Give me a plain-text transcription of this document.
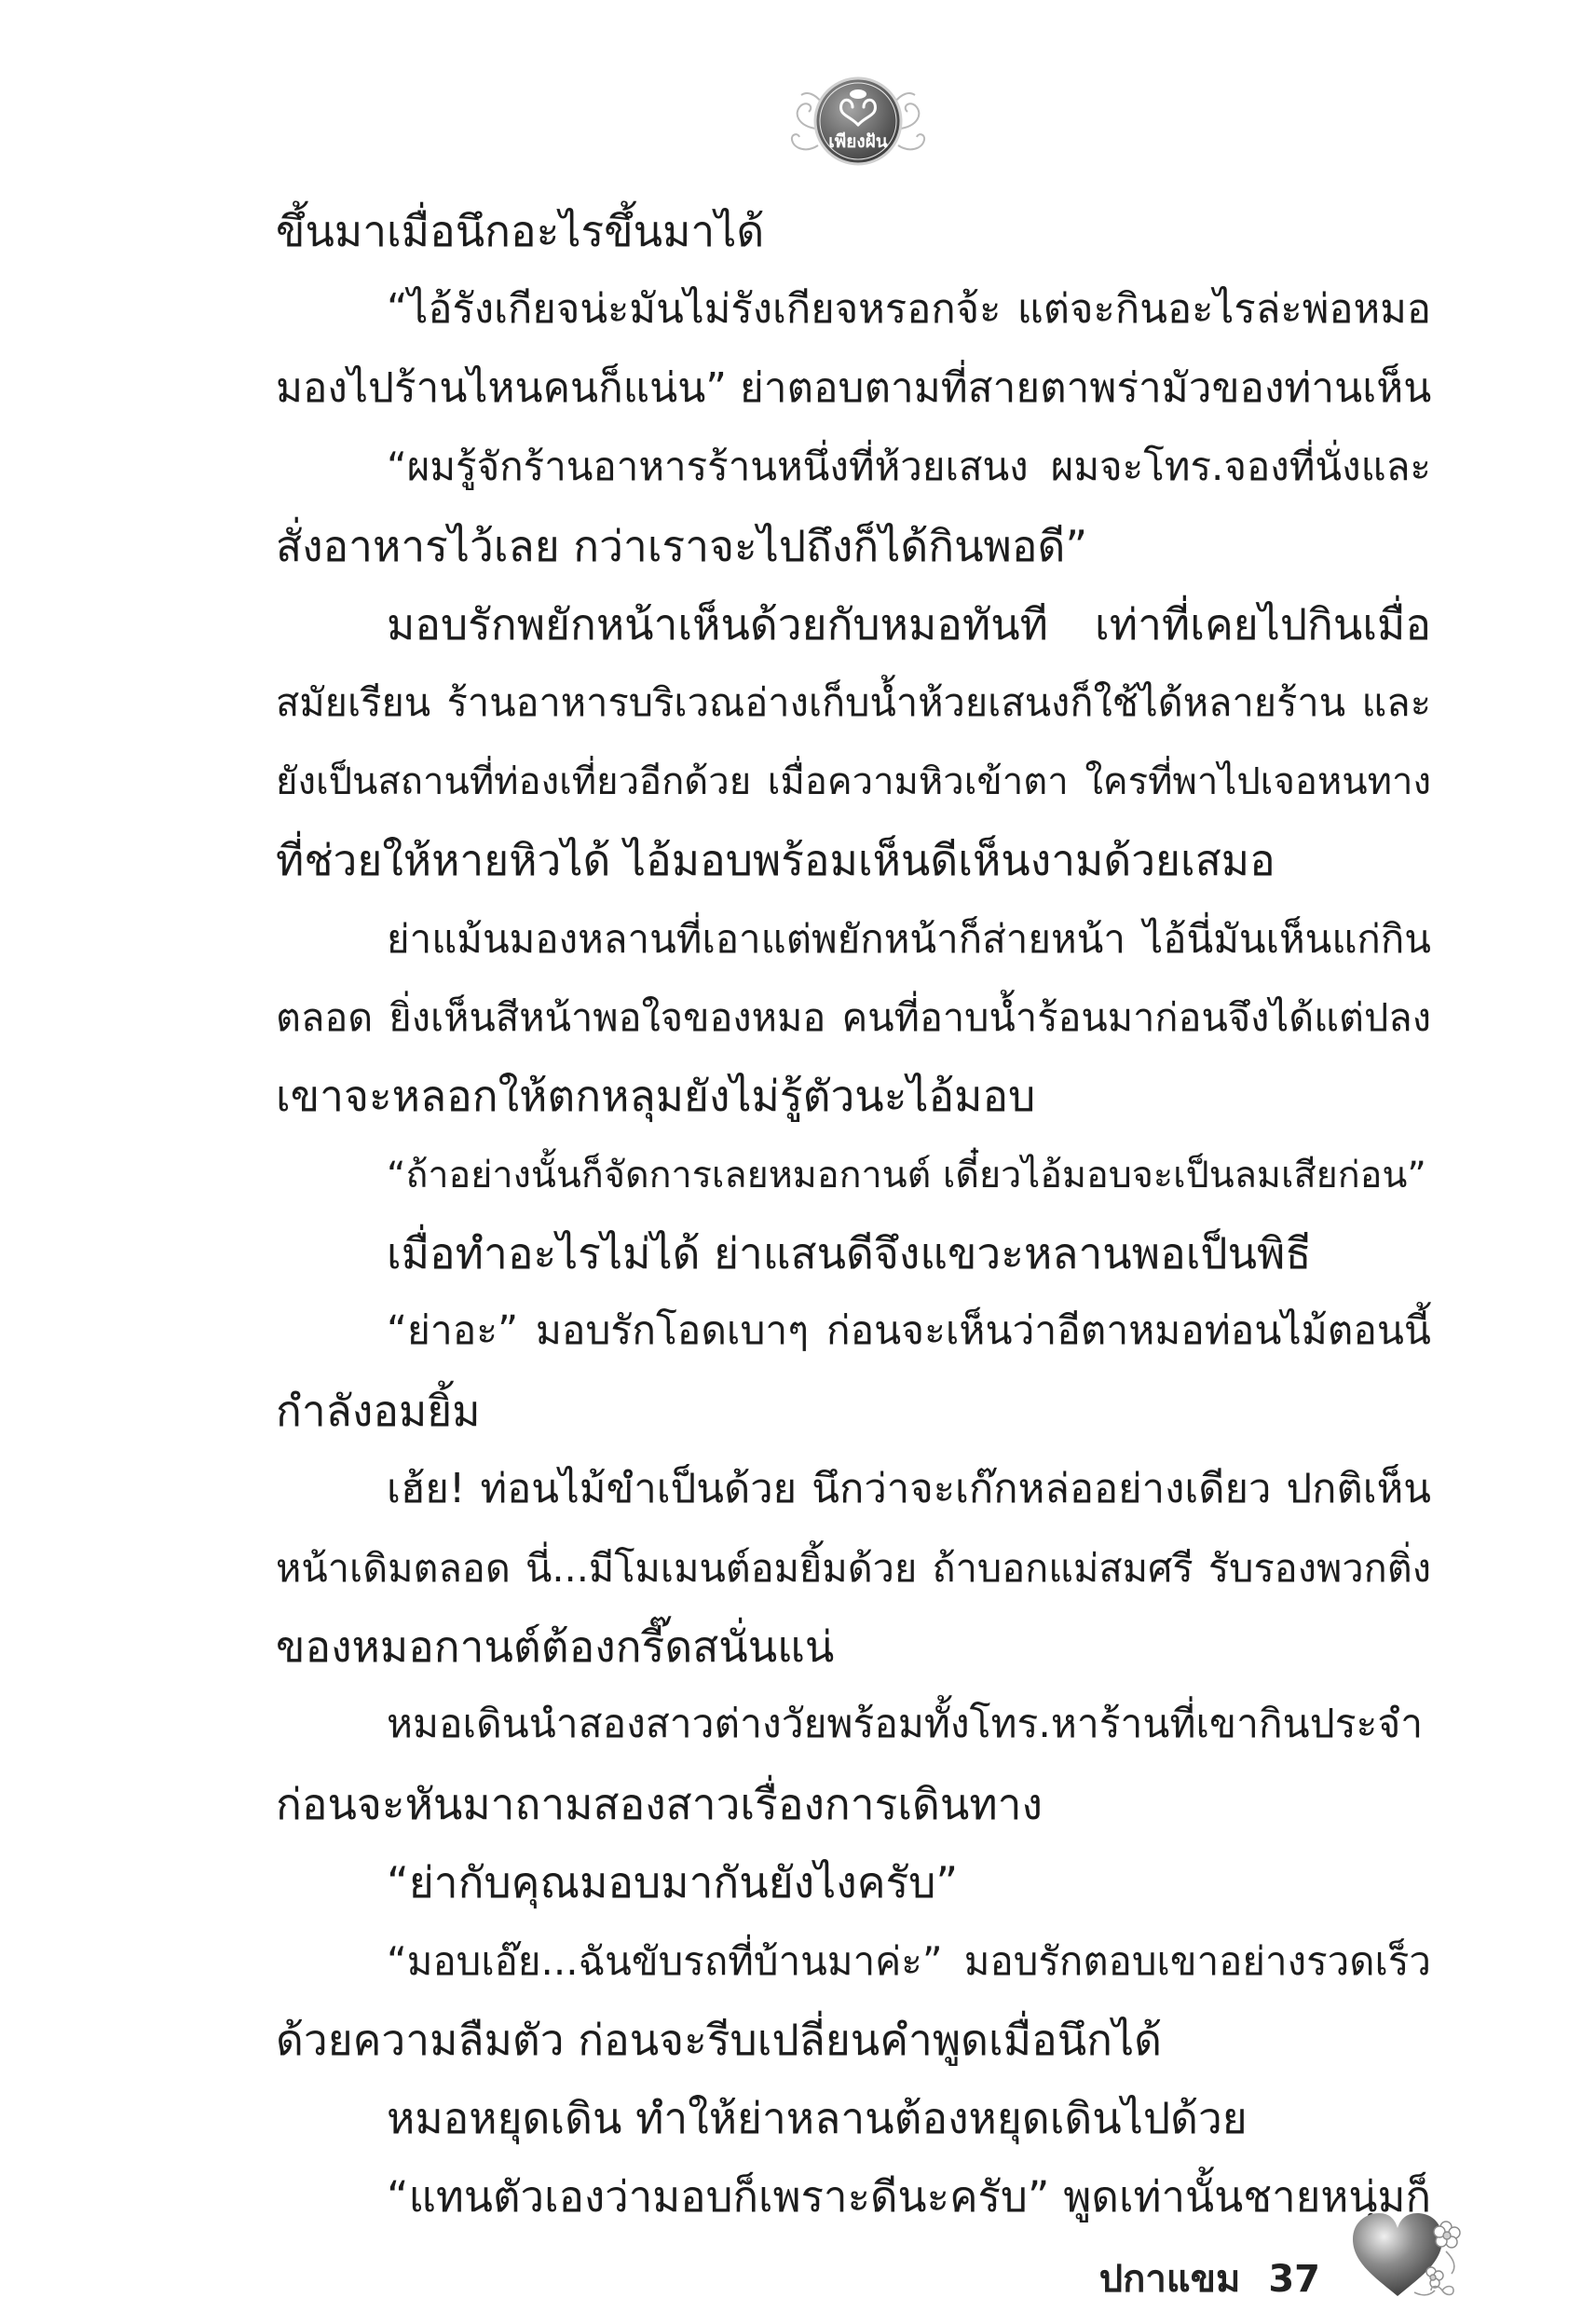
เพียงฝัน
ขึ้นมาเมื่อนึกอะไรขึ้นมาได้
“ไอ้รังเกียจน่ะมันไม่รังเกียจหรอกจ้ะ แต่จะกินอะไรล่ะพ่อหมอ
มองไปร้านไหนคนก็แน่น” ย่าตอบตามที่สายตาพร่ามัวของท่านเห็น
“ผมรู้จักร้านอาหารร้านหนึ่งที่ห้วยเสนง ผมจะโทร.จองที่นั่งและ
สั่งอาหารไว้เลย กว่าเราจะไปถึงก็ได้กินพอดี”
มอบรักพยักหน้าเห็นด้วยกับหมอทันที เท่าที่เคยไปกินเมื่อ
สมัยเรียน ร้านอาหารบริเวณอ่างเก็บน้ำห้วยเสนงก็ใช้ได้หลายร้าน และ
ยังเป็นสถานที่ท่องเที่ยวอีกด้วย เมื่อความหิวเข้าตา ใครที่พาไปเจอหนทาง
ที่ช่วยให้หายหิวได้ ไอ้มอบพร้อมเห็นดีเห็นงามด้วยเสมอ
ย่าแม้นมองหลานที่เอาแต่พยักหน้าก็ส่ายหน้า ไอ้นี่มันเห็นแก่กิน
ตลอด ยิ่งเห็นสีหน้าพอใจของหมอ คนที่อาบน้ำร้อนมาก่อนจึงได้แต่ปลง
เขาจะหลอกให้ตกหลุมยังไม่รู้ตัวนะไอ้มอบ
“ถ้าอย่างนั้นก็จัดการเลยหมอกานต์ เดี๋ยวไอ้มอบจะเป็นลมเสียก่อน”
เมื่อทำอะไรไม่ได้ ย่าแสนดีจึงแขวะหลานพอเป็นพิธี
“ย่าอะ” มอบรักโอดเบาๆ ก่อนจะเห็นว่าอีตาหมอท่อนไม้ตอนนี้
กำลังอมยิ้ม
เฮ้ย! ท่อนไม้ขำเป็นด้วย นึกว่าจะเก๊กหล่ออย่างเดียว ปกติเห็น
หน้าเดิมตลอด นี่...มีโมเมนต์อมยิ้มด้วย ถ้าบอกแม่สมศรี รับรองพวกติ่ง
ของหมอกานต์ต้องกรี๊ดสนั่นแน่
หมอเดินนำสองสาวต่างวัยพร้อมทั้งโทร.หาร้านที่เขากินประจำ
ก่อนจะหันมาถามสองสาวเรื่องการเดินทาง
“ย่ากับคุณมอบมากันยังไงครับ”
“มอบเอ๊ย...ฉันขับรถที่บ้านมาค่ะ” มอบรักตอบเขาอย่างรวดเร็ว
ด้วยความลืมตัว ก่อนจะรีบเปลี่ยนคำพูดเมื่อนึกได้
หมอหยุดเดิน ทำให้ย่าหลานต้องหยุดเดินไปด้วย
“แทนตัวเองว่ามอบก็เพราะดีนะครับ” พูดเท่านั้นชายหนุ่มก็
ปกาแขม 37
